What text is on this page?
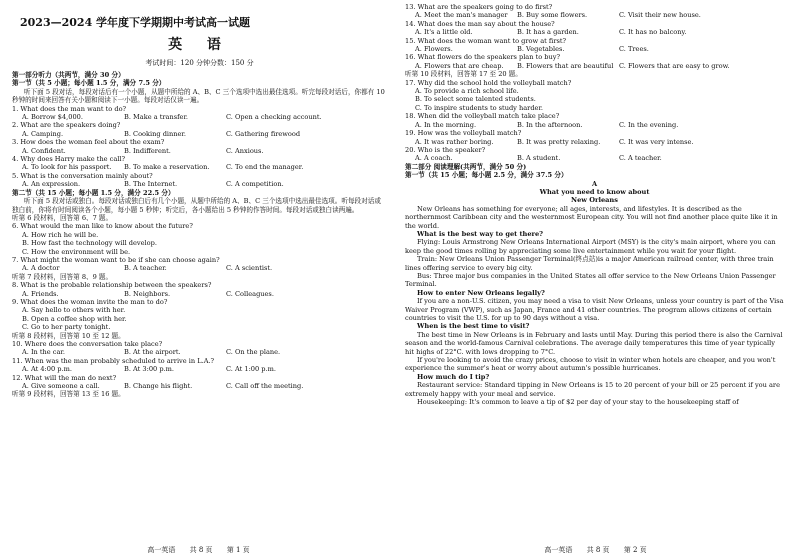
2023—2024 学年度下学期期中考试高一试题
英 语
考试时间：120 分钟分数：150 分
第一部分听力（共两节，满分 30 分）
第一节（共 5 小题；每小题 1.5 分，满分 7.5 分）
听下面 5 段对话，每段对话后有一个小题，从题中所给的 A、B、C 三个选项中选出最佳选项。听完每段对话后，你都有 10 秒钟的时间来回答有关小题和阅读下一小题。每段对话仅读一遍。
1. What does the man want to do?
A. Borrow $4,000.	B. Make a transfer.	C. Open a checking account.
2. What are the speakers doing?
A. Camping.	B. Cooking dinner.	C. Gathering firewood
3. How does the woman feel about the exam?
A. Confident.	B. Indifferent.	C. Anxious.
4. Why does Harry make the call?
A. To look for his passport.	B. To make a reservation.	C. To end the manager.
5. What is the conversation mainly about?
A. An expression.	B. The Internet.	C. A competition.
第二节（共 15 小题；每小题 1.5 分，满分 22.5 分）
听下面 5 段对话或独白。每段对话或独白后有几个小题，从题中所给的 A、B、C 三个选项中选出最佳选项。听每段对话或独白前，你将有时间阅读各个小题，每小题 5 秒钟；听完后，各小题给出 5 秒钟的作答时间。每段对话或独白读两遍。
听第 6 段材料，回答第 6、7 题。
6. What would the man like to know about the future?
A. How rich he will be.
B. How fast the technology will develop.
C. How the environment will be.
7. What might the woman want to be if she can choose again?
A. A doctor	B. A teacher.	C. A scientist.
听第 7 段材料，回答第 8、9 题。
8. What is the probable relationship between the speakers?
A. Friends.	B. Neighbors.	C. Colleagues.
9. What does the woman invite the man to do?
A. Say hello to others with her.
B. Open a coffee shop with her.
C. Go to her party tonight.
听第 8 段材料，回答第 10 至 12 题。
10. Where does the conversation take place?
A. In the car.	B. At the airport.	C. On the plane.
11. When was the man probably scheduled to arrive in L.A.?
A. At 4:00 p.m.	B. At 3:00 p.m.	C. At 1:00 p.m.
12. What will the man do next?
A. Give someone a call.	B. Change his flight.	C. Call off the meeting.
听第 9 段材料，回答第 13 至 16 题。
高一英语 共 8 页 第 1 页
13. What are the speakers going to do first?
A. Meet the man's manager	B. Buy some flowers.	C. Visit their new house.
14. What does the man say about the house?
A. It's a little old.	B. It has a garden.	C. It has no balcony.
15. What does the woman want to grow at first?
A. Flowers.	B. Vegetables.	C. Trees.
16. What flowers do the speakers plan to buy?
A. Flowers that are cheap.	B. Flowers that are beautiful C. Flowers that are easy to grow.
听第 10 段材料，回答第 17 至 20 题。
17. Why did the school hold the volleyball match?
A. To provide a rich school life.
B. To select some talented students.
C. To inspire students to study harder.
18. When did the volleyball match take place?
A. In the morning.	B. In the afternoon.	C. In the evening.
19. How was the volleyball match?
A. It was rather boring.	B. It was pretty relaxing.	C. It was very intense.
20. Who is the speaker?
A. A coach.	B. A student.	C. A teacher.
第二部分 阅读理解(共两节，满分 50 分)
第一节（共 15 小题；每小题 2.5 分，满分 37.5 分）
A
What you need to know about
New Orleans
New Orleans has something for everyone; all ages, interests, and lifestyles. It is described as the northernmost Caribbean city and the westernmost European city. You will not find another place quite like it in the world.
What is the best way to get there?
Flying: Louis Armstrong New Orleans International Airport (MSY) is the city's main airport, where you can keep the good times rolling by appreciating some live entertainment while you wait for your flight.
Train: New Orleans Union Passenger Terminal(终点站)is a major American railroad center, with three train lines offering service to every big city.
Bus: Three major bus companies in the United States all offer service to the New Orleans Union Passenger Terminal.
How to enter New Orleans legally?
If you are a non-U.S. citizen, you may need a visa to visit New Orleans, unless your country is part of the Visa Waiver Program (VWP), such as Japan, France and 41 other countries. The program allows citizens of certain countries to visit the U.S. for up to 90 days without a visa.
When is the best time to visit?
The best time in New Orleans is in February and lasts until May. During this period there is also the Carnival season and the world-famous Carnival celebrations. The average daily temperatures this time of year typically hit highs of 22°C. with lows dropping to 7°C.
If you're looking to avoid the crazy prices, choose to visit in winter when hotels are cheaper, and you won't experience the summer's heat or worry about autumn's possible hurricanes.
How much do I tip?
Restaurant service: Standard tipping in New Orleans is 15 to 20 percent of your bill or 25 percent if you are extremely happy with your meal and service.
Housekeeping: It's common to leave a tip of $2 per day of your stay to the housekeeping staff of
高一英语 共 8 页 第 2 页
